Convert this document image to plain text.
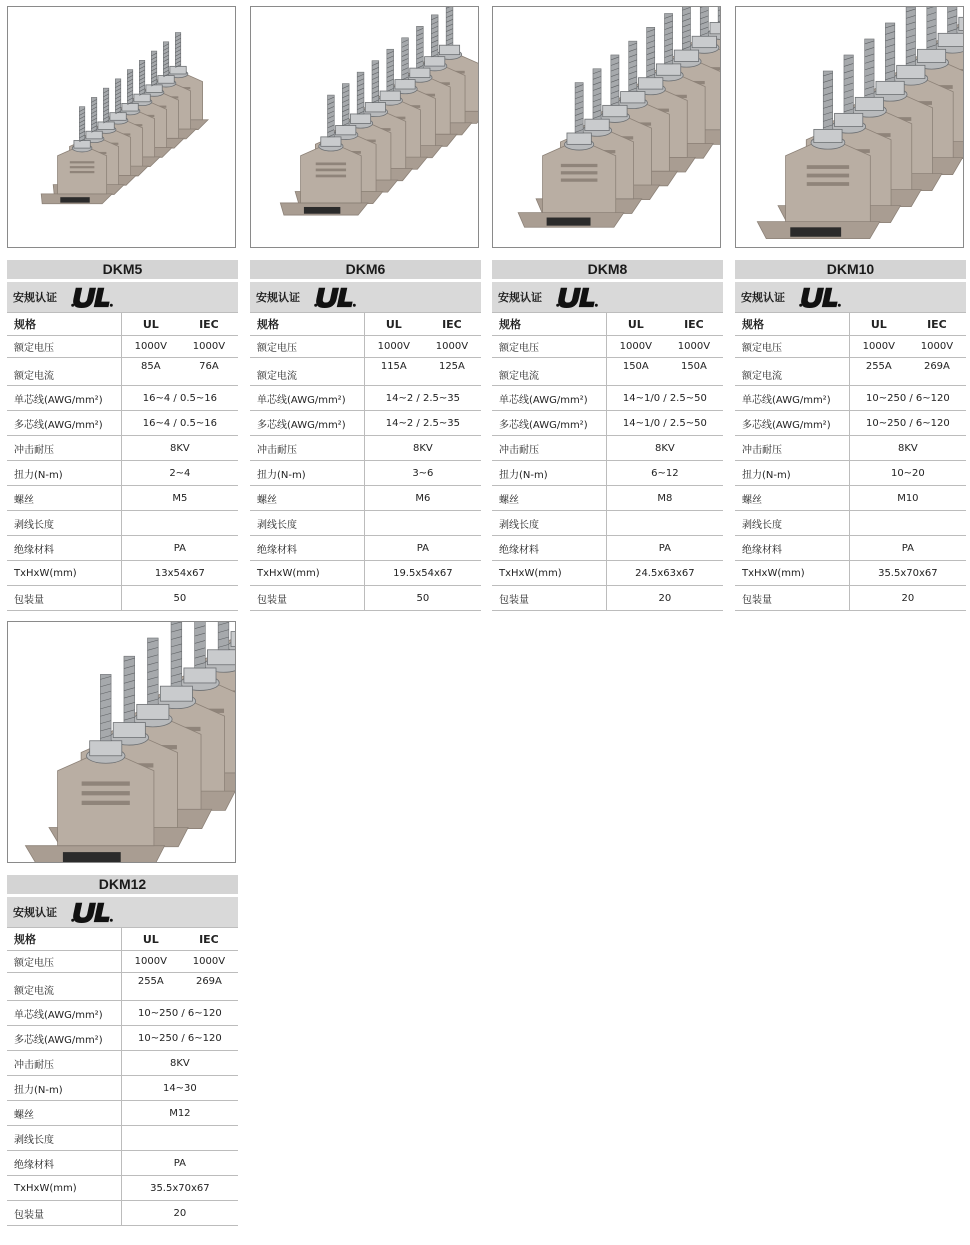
DKM5
安规认证
规格	UL	IEC
额定电压	1000V	1000V
额定电流	85A	76A
单芯线(AWG/mm²)	16~4 / 0.5~16	
多芯线(AWG/mm²)	16~4 / 0.5~16	
冲击耐压	8KV	
扭力(N-m)	2~4	
螺丝	M5	
剥线长度		
绝缘材料	PA	
TxHxW(mm)	13x54x67	
包装量	50	
DKM6
安规认证
规格	UL	IEC
额定电压	1000V	1000V
额定电流	115A	125A
单芯线(AWG/mm²)	14~2 / 2.5~35	
多芯线(AWG/mm²)	14~2 / 2.5~35	
冲击耐压	8KV	
扭力(N-m)	3~6	
螺丝	M6	
剥线长度		
绝缘材料	PA	
TxHxW(mm)	19.5x54x67	
包装量	50	
DKM8
安规认证
规格	UL	IEC
额定电压	1000V	1000V
额定电流	150A	150A
单芯线(AWG/mm²)	14~1/0 / 2.5~50	
多芯线(AWG/mm²)	14~1/0 / 2.5~50	
冲击耐压	8KV	
扭力(N-m)	6~12	
螺丝	M8	
剥线长度		
绝缘材料	PA	
TxHxW(mm)	24.5x63x67	
包装量	20	
DKM10
安规认证
规格	UL	IEC
额定电压	1000V	1000V
额定电流	255A	269A
单芯线(AWG/mm²)	10~250 / 6~120	
多芯线(AWG/mm²)	10~250 / 6~120	
冲击耐压	8KV	
扭力(N-m)	10~20	
螺丝	M10	
剥线长度		
绝缘材料	PA	
TxHxW(mm)	35.5x70x67	
包装量	20	
DKM12
安规认证
规格	UL	IEC
额定电压	1000V	1000V
额定电流	255A	269A
单芯线(AWG/mm²)	10~250 / 6~120	
多芯线(AWG/mm²)	10~250 / 6~120	
冲击耐压	8KV	
扭力(N-m)	14~30	
螺丝	M12	
剥线长度		
绝缘材料	PA	
TxHxW(mm)	35.5x70x67	
包装量	20	
